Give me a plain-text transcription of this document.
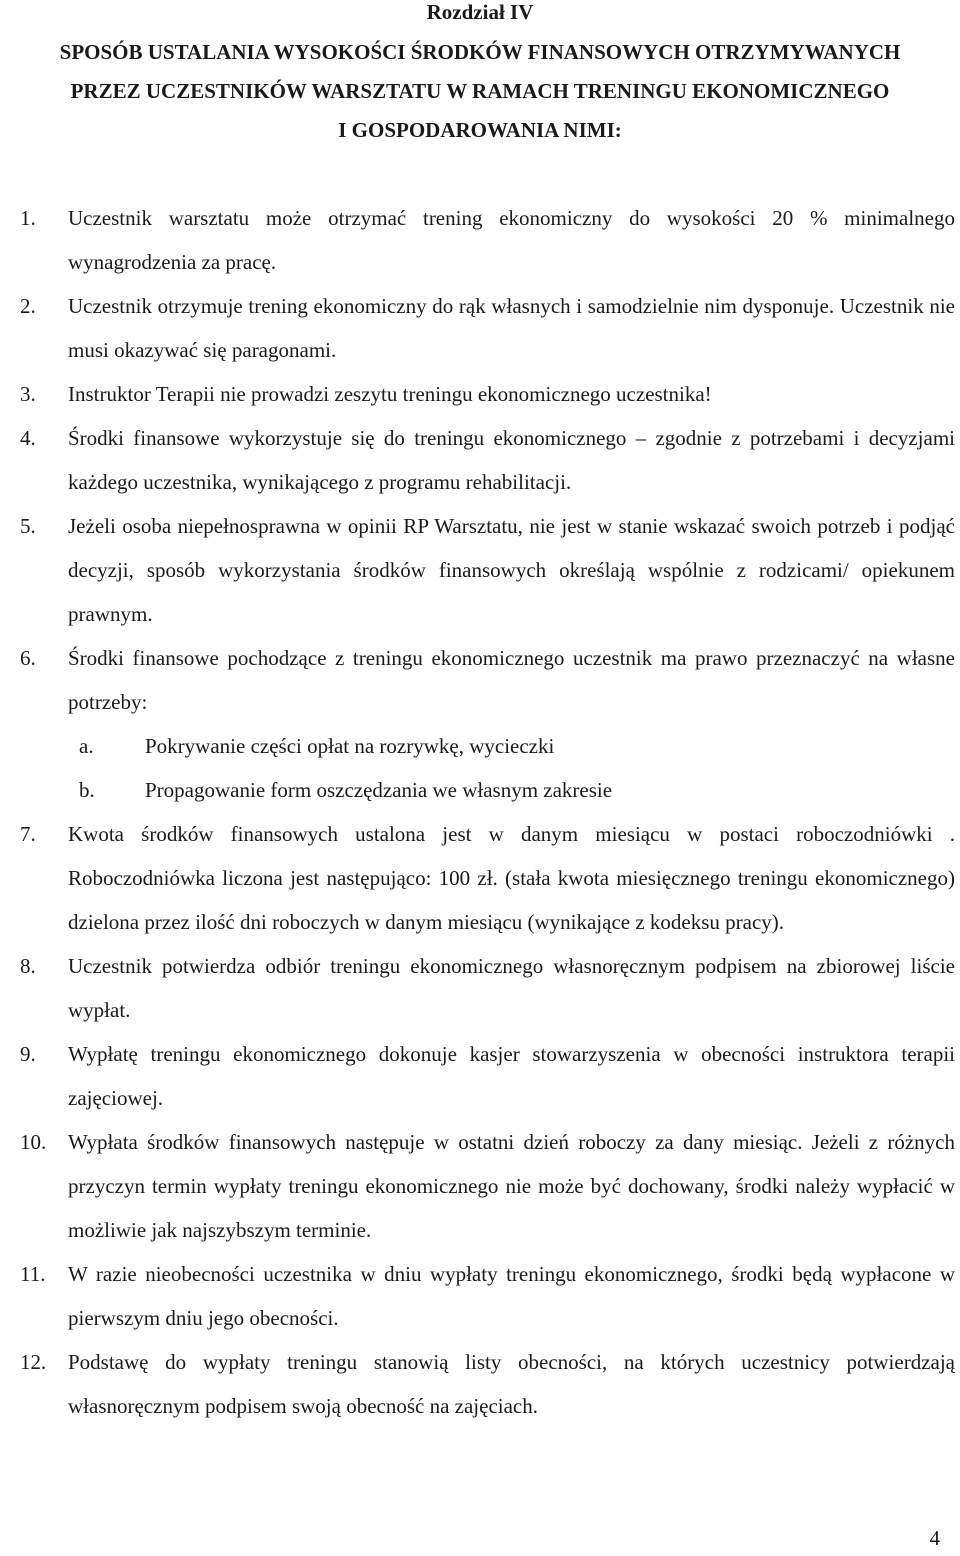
Rozdział IV
SPOSÓB USTALANIA WYSOKOŚCI ŚRODKÓW FINANSOWYCH OTRZYMYWANYCH
PRZEZ UCZESTNIKÓW WARSZTATU W RAMACH TRENINGU EKONOMICZNEGO
I GOSPODAROWANIA NIMI:
1.	Uczestnik warsztatu może otrzymać trening ekonomiczny do wysokości 20 % minimalnego wynagrodzenia za pracę.
2.	Uczestnik otrzymuje trening ekonomiczny do rąk własnych i samodzielnie nim dysponuje. Uczestnik nie musi okazywać się paragonami.
3.	Instruktor Terapii nie prowadzi zeszytu treningu ekonomicznego uczestnika!
4.	Środki finansowe wykorzystuje się do treningu ekonomicznego – zgodnie z potrzebami i decyzjami każdego uczestnika, wynikającego z programu rehabilitacji.
5.	Jeżeli osoba niepełnosprawna w opinii RP Warsztatu, nie jest w stanie wskazać swoich potrzeb i podjąć decyzji, sposób wykorzystania środków finansowych określają wspólnie z rodzicami/ opiekunem prawnym.
6.	Środki finansowe pochodzące z treningu ekonomicznego uczestnik ma prawo przeznaczyć na własne potrzeby:
a. Pokrywanie części opłat na rozrywkę, wycieczki
b. Propagowanie form oszczędzania we własnym zakresie
7.	Kwota środków finansowych ustalona jest w danym miesiącu w postaci roboczodniówki . Roboczodniówka liczona jest następująco: 100 zł. (stała kwota miesięcznego treningu ekonomicznego) dzielona przez ilość dni roboczych w danym miesiącu (wynikające z kodeksu pracy).
8.	Uczestnik potwierdza odbiór treningu ekonomicznego własnoręcznym podpisem na zbiorowej liście wypłat.
9.	Wypłatę treningu ekonomicznego dokonuje kasjer stowarzyszenia w obecności instruktora terapii zajęciowej.
10.	Wypłata środków finansowych następuje w ostatni dzień roboczy za dany miesiąc. Jeżeli z różnych przyczyn termin wypłaty treningu ekonomicznego nie może być dochowany, środki należy wypłacić w możliwie jak najszybszym terminie.
11.	W razie nieobecności uczestnika w dniu wypłaty treningu ekonomicznego, środki będą wypłacone w pierwszym dniu jego obecności.
12.	Podstawę do wypłaty treningu stanowią listy obecności, na których uczestnicy potwierdzają własnoręcznym podpisem swoją obecność na zajęciach.
4
